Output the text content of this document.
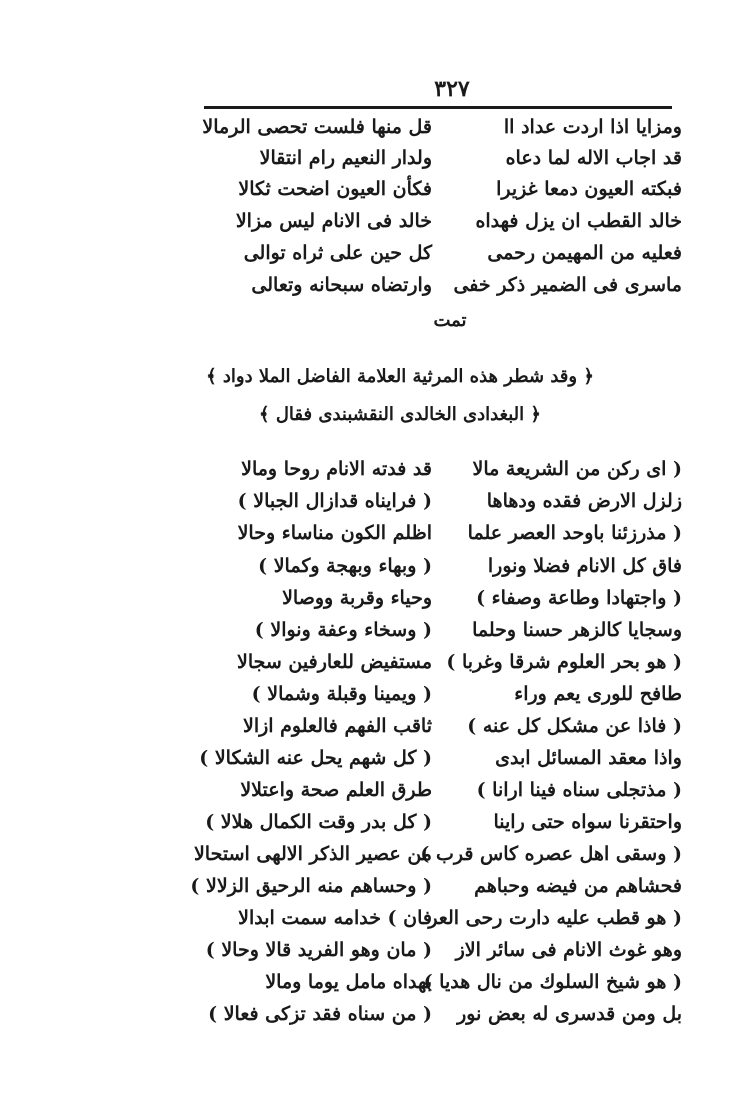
٣٢٧
ومزايا اذا اردت عداد اا
قل منها فلست تحصى الرمالا
قد اجاب الاله لما دعاه
ولدار النعيم رام انتقالا
فبكته العيون دمعا غزيرا
فكأن العيون اضحت ثكالا
خالد القطب ان يزل فهداه
خالد فى الانام ليس مزالا
فعليه من المهيمن رحمى
كل حين على ثراه توالى
ماسرى فى الضمير ذكر خفى
وارتضاه سبحانه وتعالى
تمت
﴿ وقد شطر هذه المرثية العلامة الفاضل الملا دواد ﴾
﴿ البغدادى الخالدى النقشبندى فقال ﴾
( اى ركن من الشريعة مالا
قد فدته الانام روحا ومالا
زلزل الارض فقده ودهاها
( فرايناه قدازال الجبالا )
( مذرزئنا باوحد العصر علما
اظلم الكون مناساء وحالا
فاق كل الانام فضلا ونورا
( وبهاء وبهجة وكمالا )
( واجتهادا وطاعة وصفاء )
وحياء وقربة ووصالا
وسجايا كالزهر حسنا وحلما
( وسخاء وعفة ونوالا )
( هو بحر العلوم شرقا وغربا )
مستفيض للعارفين سجالا
طافح للورى يعم وراء
( ويمينا وقبلة وشمالا )
( فاذا عن مشكل كل عنه )
ثاقب الفهم فالعلوم ازالا
واذا معقد المسائل ابدى
( كل شهم يحل عنه الشكالا )
( مذتجلى سناه فينا ارانا )
طرق العلم صحة واعتلالا
واحتقرنا سواه حتى راينا
( كل بدر وقت الكمال هلالا )
( وسقى اهل عصره كاس قرب )
من عصير الذكر الالهى استحالا
فحشاهم من فيضه وحباهم
( وحساهم منه الرحيق الزلالا )
( هو قطب عليه دارت رحى العر
فان ) خدامه سمت ابدالا
وهو غوث الانام فى سائر الاز
( مان وهو الفريد قالا وحالا )
( هو شيخ السلوك من نال هديا )
بهداه مامل يوما ومالا
بل ومن قدسرى له بعض نور
( من سناه فقد تزكى فعالا )
